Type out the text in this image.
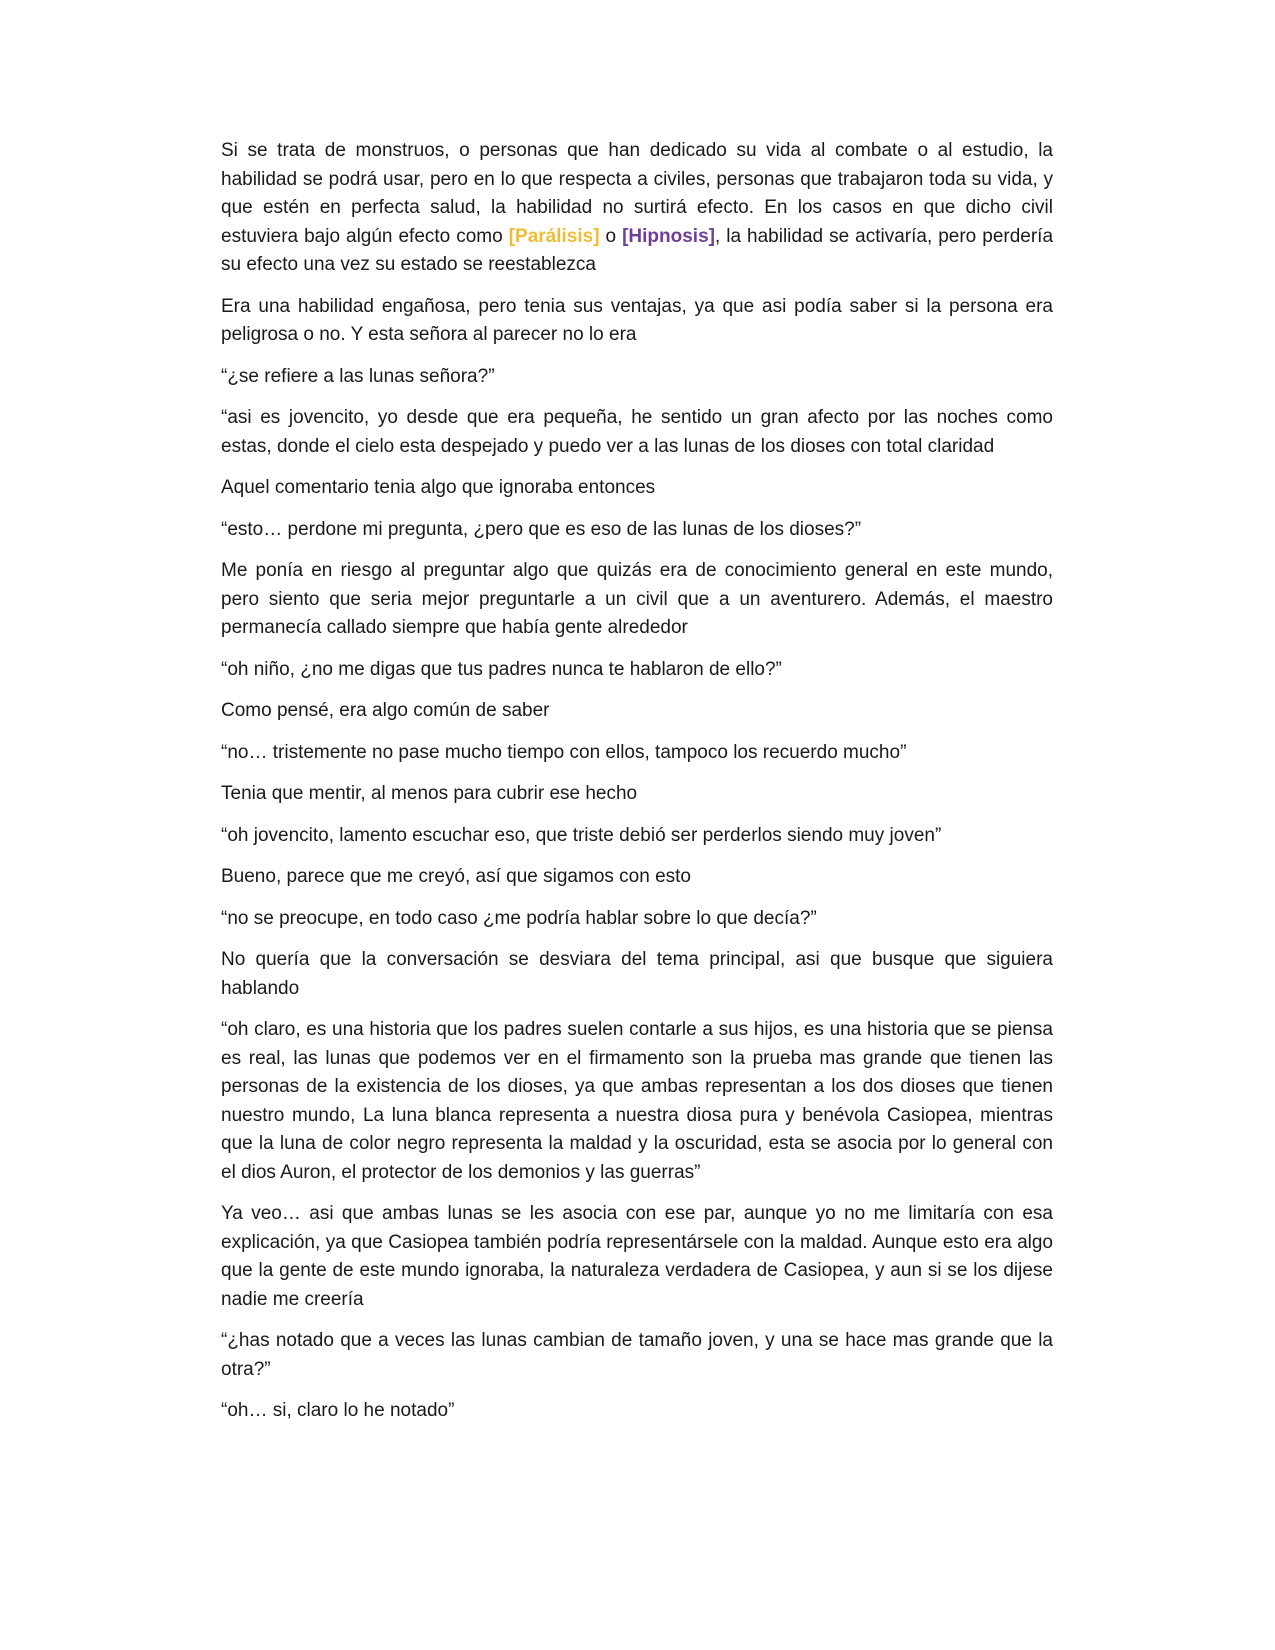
Si se trata de monstruos, o personas que han dedicado su vida al combate o al estudio, la habilidad se podrá usar, pero en lo que respecta a civiles, personas que trabajaron toda su vida, y que estén en perfecta salud, la habilidad no surtirá efecto. En los casos en que dicho civil estuviera bajo algún efecto como [Parálisis] o [Hipnosis], la habilidad se activaría, pero perdería su efecto una vez su estado se reestablezca

Era una habilidad engañosa, pero tenia sus ventajas, ya que asi podía saber si la persona era peligrosa o no. Y esta señora al parecer no lo era

“¿se refiere a las lunas señora?”

“asi es jovencito, yo desde que era pequeña, he sentido un gran afecto por las noches como estas, donde el cielo esta despejado y puedo ver a las lunas de los dioses con total claridad

Aquel comentario tenia algo que ignoraba entonces

“esto… perdone mi pregunta, ¿pero que es eso de las lunas de los dioses?”

Me ponía en riesgo al preguntar algo que quizás era de conocimiento general en este mundo, pero siento que seria mejor preguntarle a un civil que a un aventurero. Además, el maestro permanecía callado siempre que había gente alrededor

“oh niño, ¿no me digas que tus padres nunca te hablaron de ello?”

Como pensé, era algo común de saber

“no… tristemente no pase mucho tiempo con ellos, tampoco los recuerdo mucho”

Tenia que mentir, al menos para cubrir ese hecho

“oh jovencito, lamento escuchar eso, que triste debió ser perderlos siendo muy joven”

Bueno, parece que me creyó, así que sigamos con esto

“no se preocupe, en todo caso ¿me podría hablar sobre lo que decía?”

No quería que la conversación se desviara del tema principal, asi que busque que siguiera hablando

“oh claro, es una historia que los padres suelen contarle a sus hijos, es una historia que se piensa es real, las lunas que podemos ver en el firmamento son la prueba mas grande que tienen las personas de la existencia de los dioses, ya que ambas representan a los dos dioses que tienen nuestro mundo, La luna blanca representa a nuestra diosa pura y benévola Casiopea, mientras que la luna de color negro representa la maldad y la oscuridad, esta se asocia por lo general con el dios Auron, el protector de los demonios y las guerras”

Ya veo… asi que ambas lunas se les asocia con ese par, aunque yo no me limitaría con esa explicación, ya que Casiopea también podría representársele con la maldad. Aunque esto era algo que la gente de este mundo ignoraba, la naturaleza verdadera de Casiopea, y aun si se los dijese nadie me creería

“¿has notado que a veces las lunas cambian de tamaño joven, y una se hace mas grande que la otra?”

“oh… si, claro lo he notado”
